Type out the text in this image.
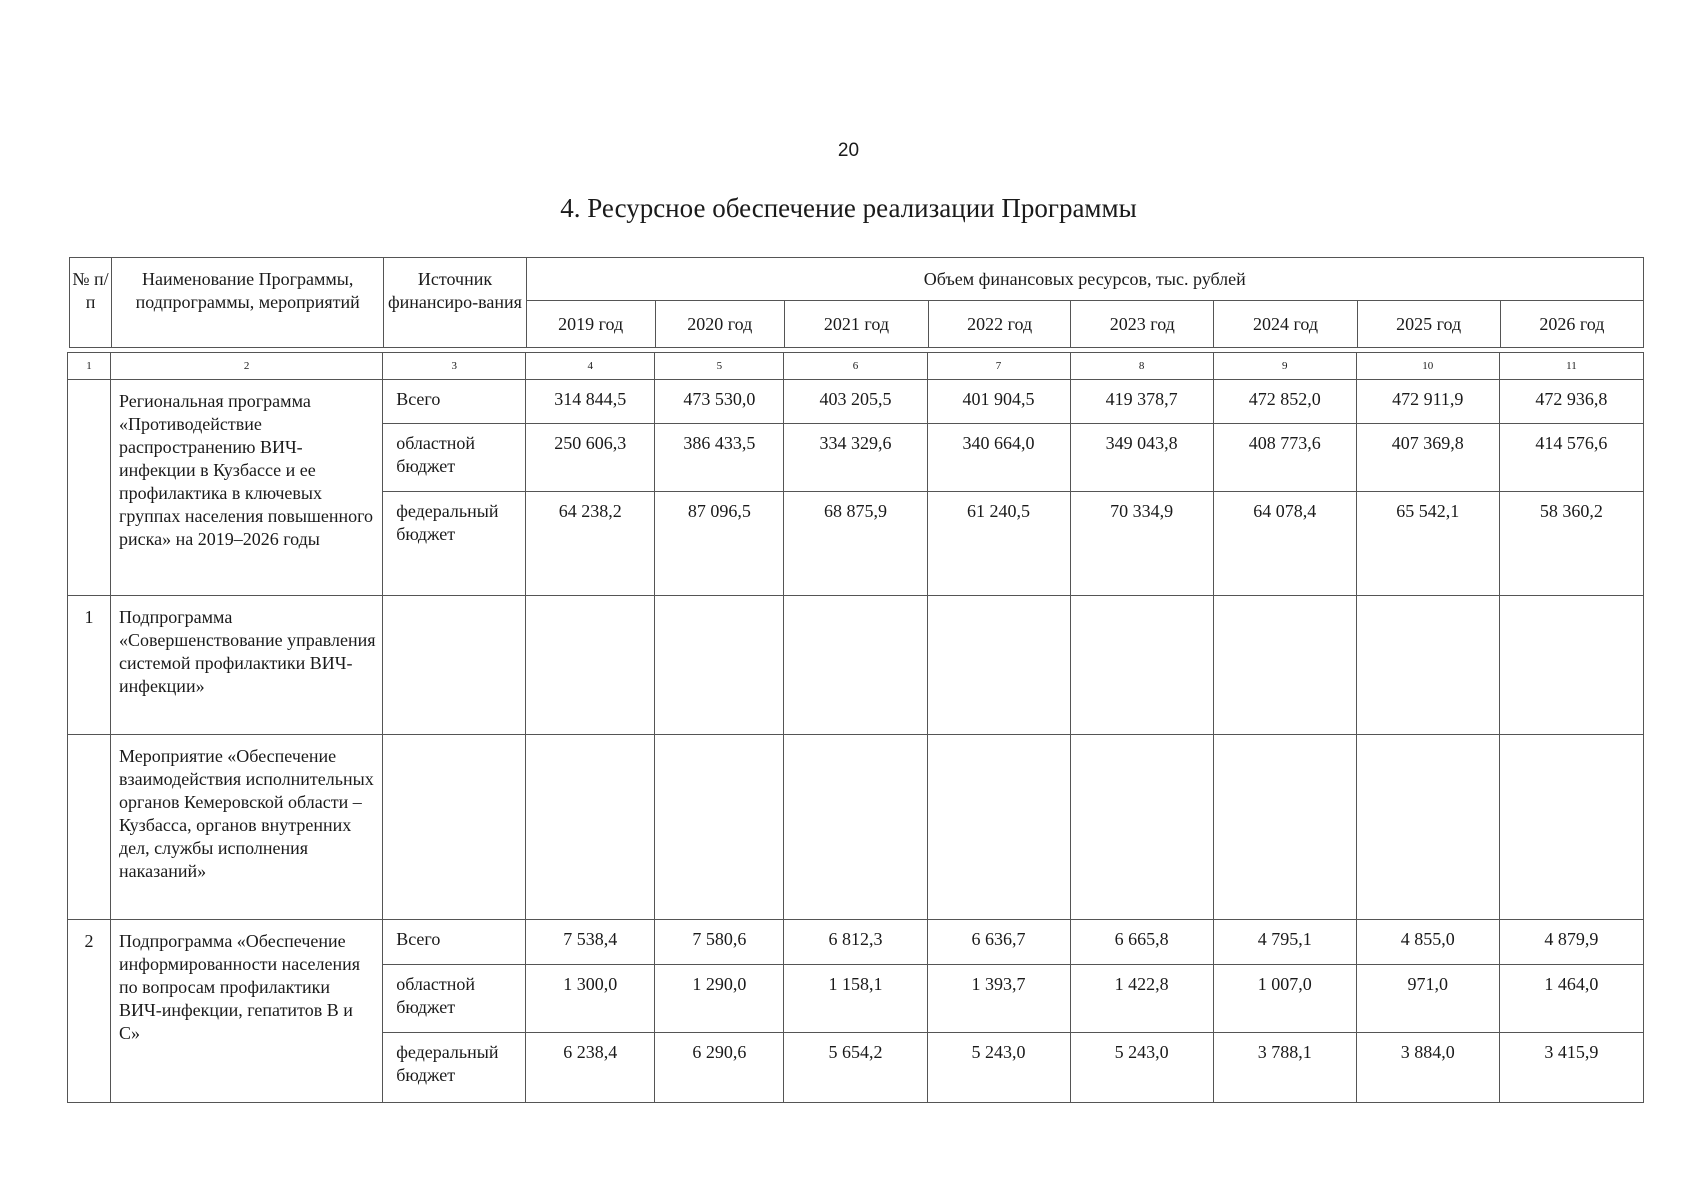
20
4. Ресурсное обеспечение реализации Программы
№ п/п	Наименование Программы, подпрограммы, мероприятий	Источник финансиро-вания	Объем финансовых ресурсов, тыс. рублей							
			2019 год	2020 год	2021 год	2022 год	2023 год	2024 год	2025 год	2026 год
1	2	3	4	5	6	7	8	9	10	11
	Региональная программа «Противодействие распространению ВИЧ-инфекции в Кузбассе и ее профилактика в ключевых группах населения повышенного риска» на 2019–2026 годы	Всего	314 844,5	473 530,0	403 205,5	401 904,5	419 378,7	472 852,0	472 911,9	472 936,8
		областной бюджет	250 606,3	386 433,5	334 329,6	340 664,0	349 043,8	408 773,6	407 369,8	414 576,6
		федеральный бюджет	64 238,2	87 096,5	68 875,9	61 240,5	70 334,9	64 078,4	65 542,1	58 360,2
1	Подпрограмма «Совершенствование управления системой профилактики ВИЧ-инфекции»									
	Мероприятие «Обеспечение взаимодействия исполнительных органов Кемеровской области – Кузбасса, органов внутренних дел, службы исполнения наказаний»									
2	Подпрограмма «Обеспечение информированности населения по вопросам профилактики ВИЧ-инфекции, гепатитов В и С»	Всего	7 538,4	7 580,6	6 812,3	6 636,7	6 665,8	4 795,1	4 855,0	4 879,9
		областной бюджет	1 300,0	1 290,0	1 158,1	1 393,7	1 422,8	1 007,0	971,0	1 464,0
		федеральный бюджет	6 238,4	6 290,6	5 654,2	5 243,0	5 243,0	3 788,1	3 884,0	3 415,9
